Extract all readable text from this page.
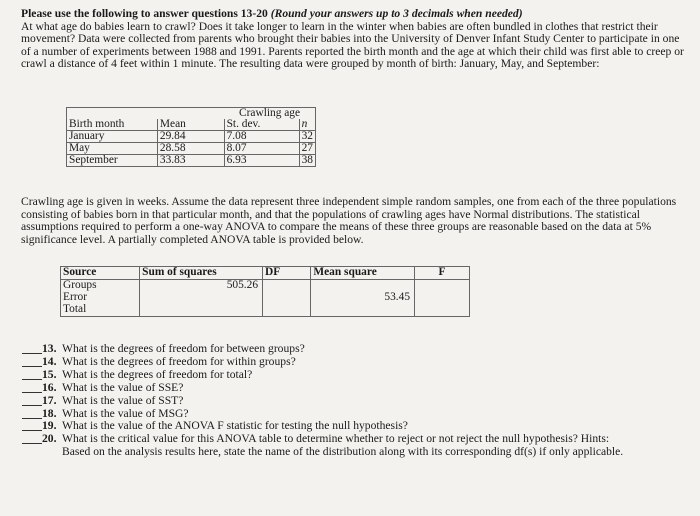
Please use the following to answer questions 13-20 (Round your answers up to 3 decimals when needed)
At what age do babies learn to crawl? Does it take longer to learn in the winter when babies are often bundled in clothes that restrict their movement? Data were collected from parents who brought their babies into the University of Denver Infant Study Center to participate in one of a number of experiments between 1988 and 1991. Parents reported the birth month and the age at which their child was first able to creep or crawl a distance of 4 feet within 1 minute. The resulting data were grouped by month of birth: January, May, and September:
		Crawling age	
Birth month	Mean	St. dev.	n
January	29.84	7.08	32
May	28.58	8.07	27
September	33.83	6.93	38
Crawling age is given in weeks. Assume the data represent three independent simple random samples, one from each of the three populations consisting of babies born in that particular month, and that the populations of crawling ages have Normal distributions. The statistical assumptions required to perform a one-way ANOVA to compare the means of these three groups are reasonable based on the data at 5% significance level. A partially completed ANOVA table is provided below.
Source	Sum of squares	DF	Mean square	F
Groups	505.26			
Error			53.45	
Total				
13. What is the degrees of freedom for between groups?
14. What is the degrees of freedom for within groups?
15. What is the degrees of freedom for total?
16. What is the value of SSE?
17. What is the value of SST?
18. What is the value of MSG?
19. What is the value of the ANOVA F statistic for testing the null hypothesis?
20. What is the critical value for this ANOVA table to determine whether to reject or not reject the null hypothesis? Hints:
Based on the analysis results here, state the name of the distribution along with its corresponding df(s) if only applicable.
